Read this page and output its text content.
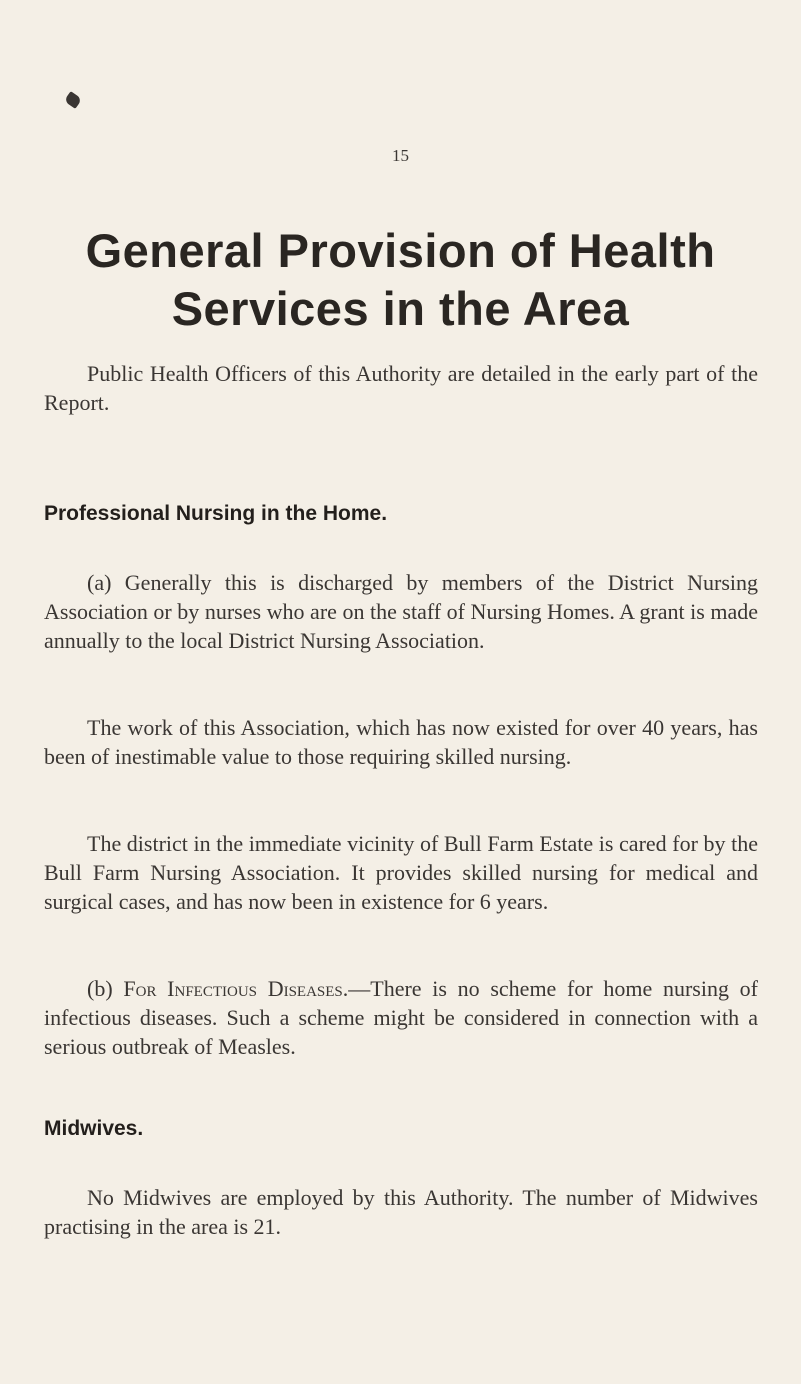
15
General Provision of Health
Services in the Area

Public Health Officers of this Authority are detailed in the early part of the Report.

Professional Nursing in the Home.

(a) Generally this is discharged by members of the District Nursing Association or by nurses who are on the staff of Nursing Homes. A grant is made annually to the local District Nursing Association.

The work of this Association, which has now existed for over 40 years, has been of inestimable value to those requiring skilled nursing.

The district in the immediate vicinity of Bull Farm Estate is cared for by the Bull Farm Nursing Association. It provides skilled nursing for medical and surgical cases, and has now been in existence for 6 years.

(b) For Infectious Diseases.—There is no scheme for home nursing of infectious diseases. Such a scheme might be considered in connection with a serious outbreak of Measles.

Midwives.

No Midwives are employed by this Authority. The number of Midwives practising in the area is 21.
